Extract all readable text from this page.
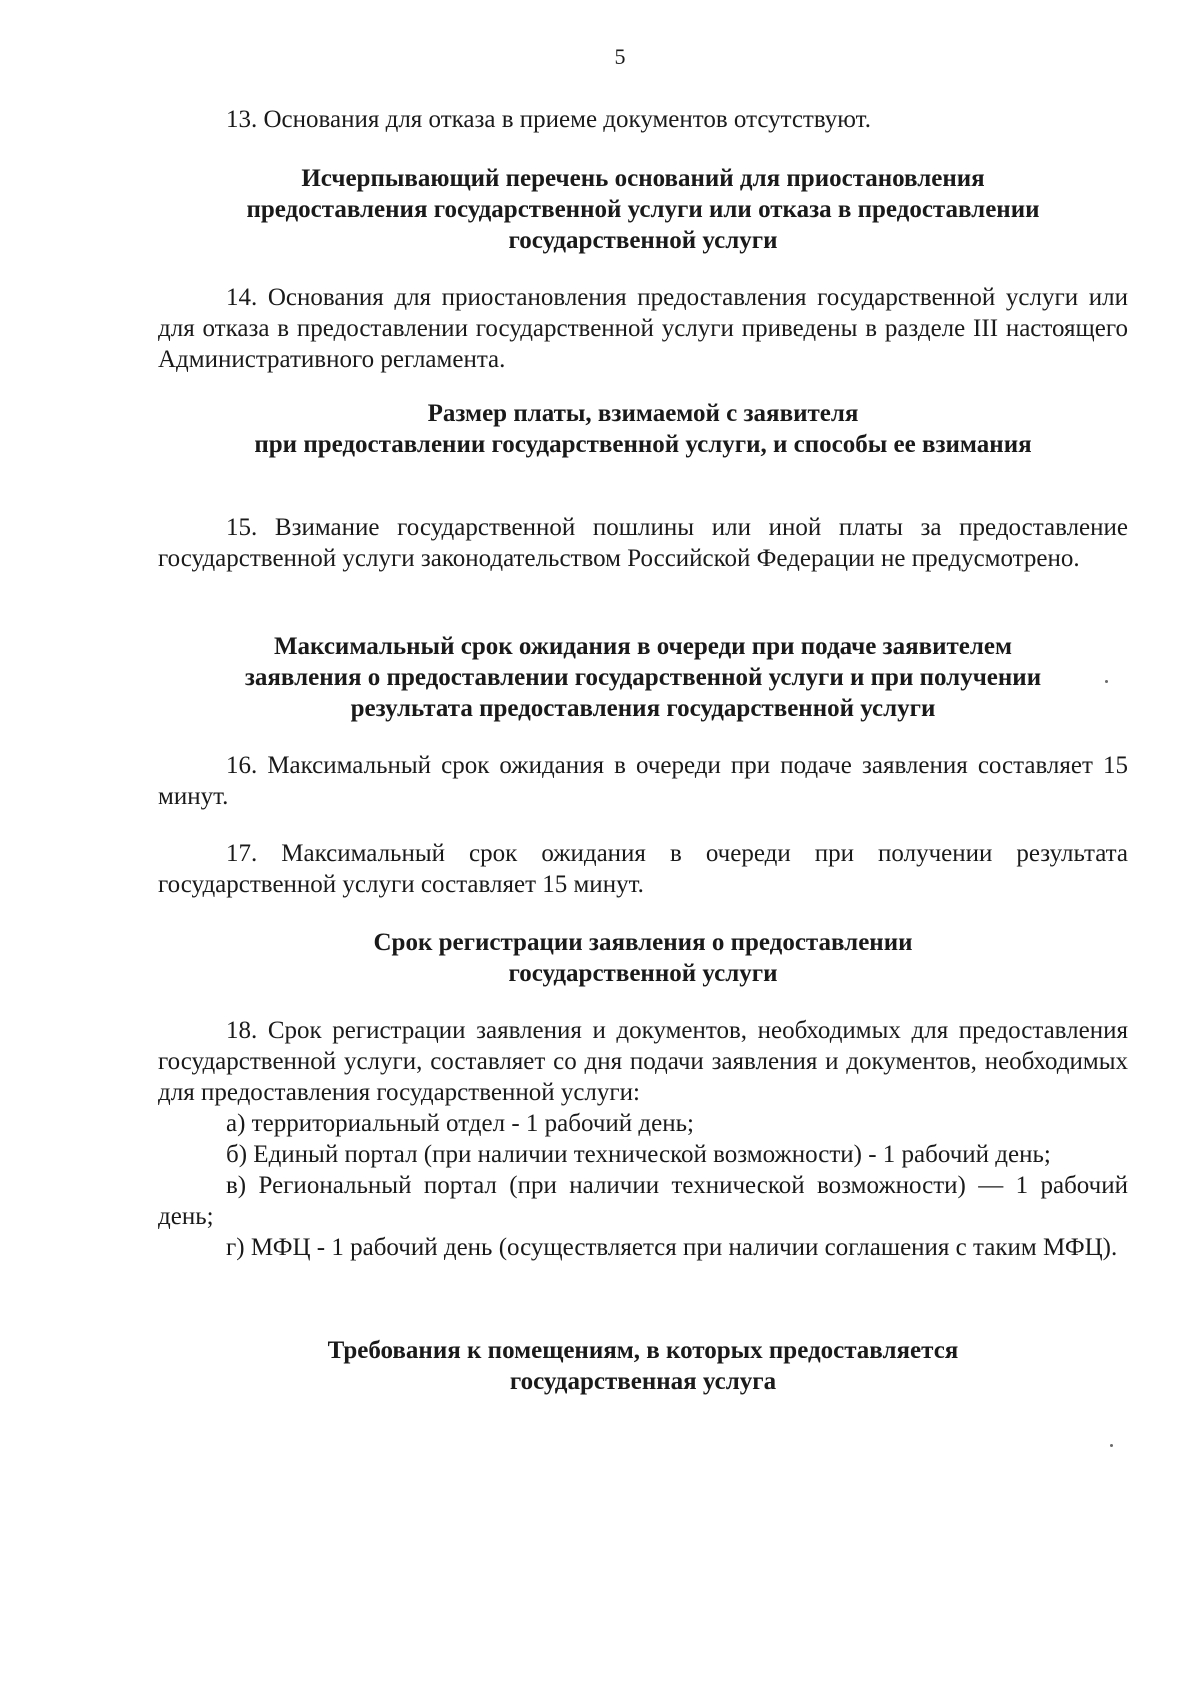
5

13. Основания для отказа в приеме документов отсутствуют.

Исчерпывающий перечень оснований для приостановления

предоставления государственной услуги или отказа в предоставлении

государственной услуги

14. Основания для приостановления предоставления государственной услуги или для отказа в предоставлении государственной услуги приведены в разделе III настоящего Административного регламента.

Размер платы, взимаемой с заявителя

при предоставлении государственной услуги, и способы ее взимания

15. Взимание государственной пошлины или иной платы за предоставление государственной услуги законодательством Российской Федерации не предусмотрено.

Максимальный срок ожидания в очереди при подаче заявителем

заявления о предоставлении государственной услуги и при получении

результата предоставления государственной услуги

16. Максимальный срок ожидания в очереди при подаче заявления составляет 15 минут.

17. Максимальный срок ожидания в очереди при получении результата государственной услуги составляет 15 минут.

Срок регистрации заявления о предоставлении

государственной услуги

18. Срок регистрации заявления и документов, необходимых для предоставления государственной услуги, составляет со дня подачи заявления и документов, необходимых для предоставления государственной услуги:

а) территориальный отдел - 1 рабочий день;

б) Единый портал (при наличии технической возможности) - 1 рабочий день;

в) Региональный портал (при наличии технической возможности) — 1 рабочий день;

г) МФЦ - 1 рабочий день (осуществляется при наличии соглашения с таким МФЦ).

Требования к помещениям, в которых предоставляется

государственная услуга
